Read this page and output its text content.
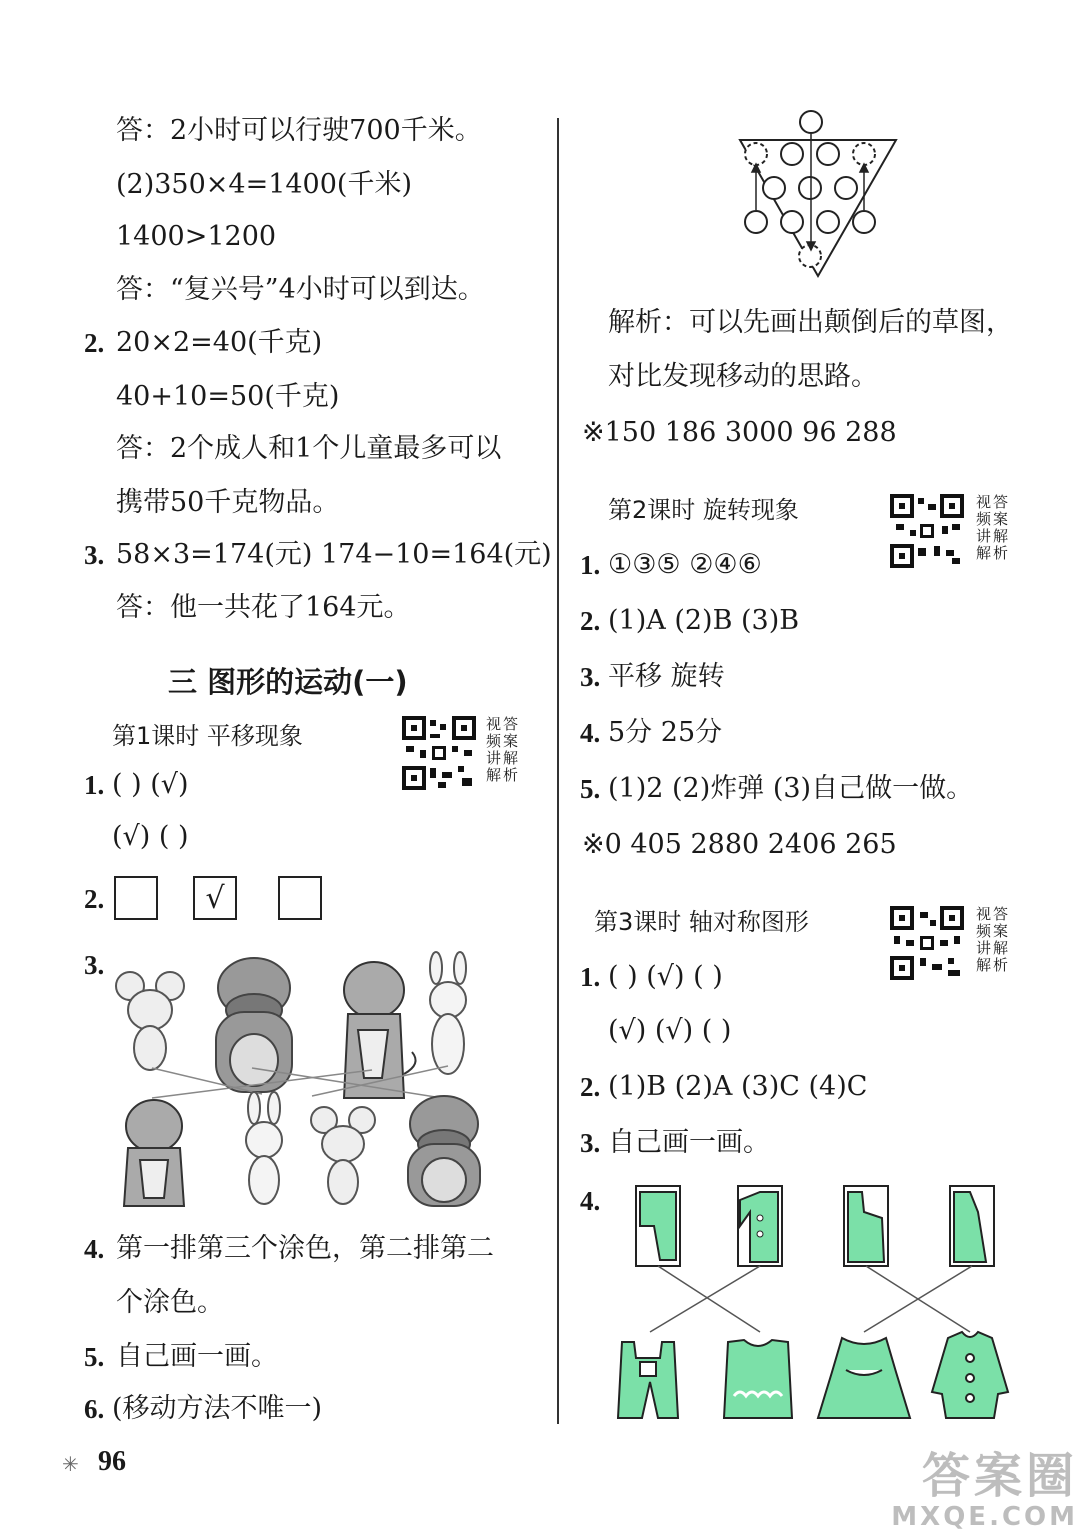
答：2小时可以行驶700千米。
(2)350×4=1400(千米)
1400>1200
答：“复兴号”4小时可以到达。
2. 20×2=40(千克)
40+10=50(千克)
答：2个成人和1个儿童最多可以
携带50千克物品。
3. 58×3=174(元) 174−10=164(元)
答：他一共花了164元。
三 图形的运动(一)
第1课时 平移现象	视
频
讲
解
答
案
解
析
1. ( ) (√)
(√) ( )
2.	√
3.
4. 第一排第三个涂色，第二排第二
个涂色。
5. 自己画一画。
6. (移动方法不唯一)
解析：可以先画出颠倒后的草图，
对比发现移动的思路。
※150 186 3000 96 288
第2课时 旋转现象	视
频
讲
解
答
案
解
析
1. ①③⑤ ②④⑥
2. (1)A (2)B (3)B
3. 平移 旋转
4. 5分 25分
5. (1)2 (2)炸弹 (3)自己做一做。
※0 405 2880 2406 265
第3课时 轴对称图形	视
频
讲
解
答
案
解
析
1. ( ) (√) ( )
(√) (√) ( )
2. (1)B (2)A (3)C (4)C
3. 自己画一画。
4.
✳ 96	答案圈
MXQE.COM
